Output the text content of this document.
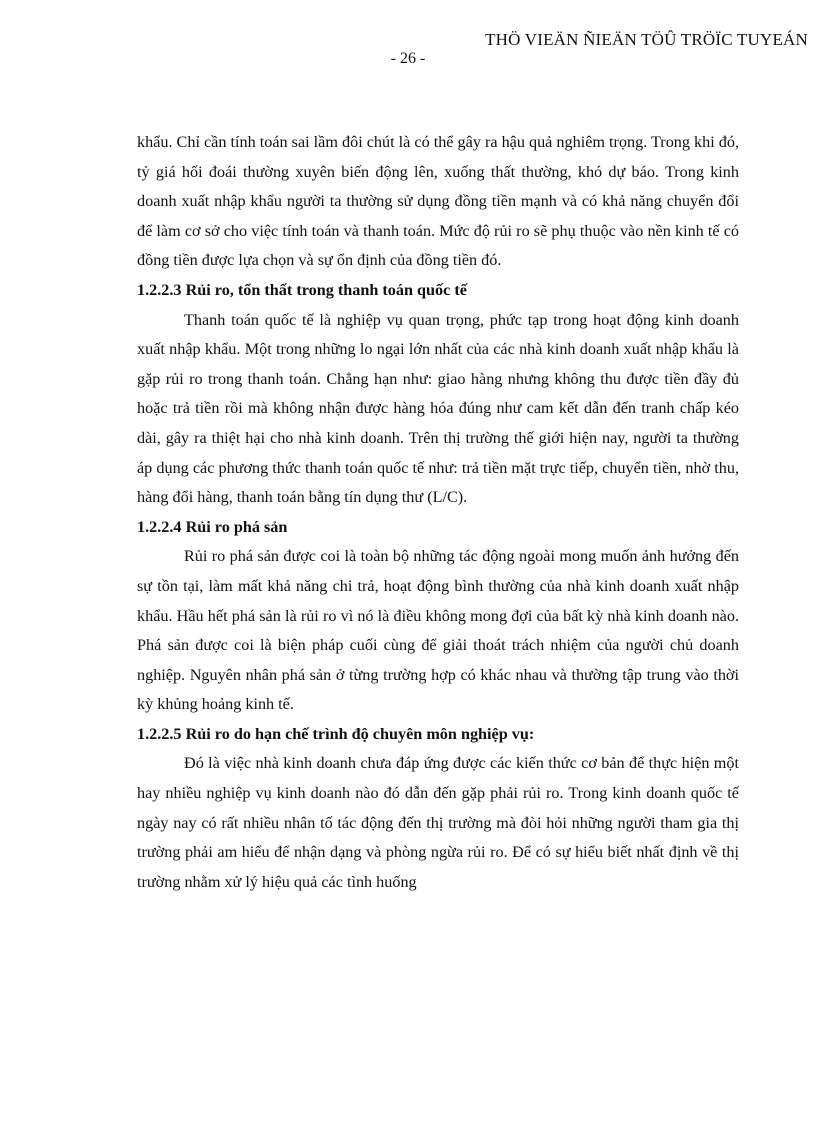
THÖ VIEÄN ÑIEÄN TÖÛ TRÖÏC TUYEÁN
- 26 -

khẩu. Chỉ cần tính toán sai lầm đôi chút là có thể gây ra hậu quả nghiêm trọng. Trong khi đó, tỷ giá hối đoái thường xuyên biến động lên, xuống thất thường, khó dự báo. Trong kinh doanh xuất nhập khẩu người ta thường sử dụng đồng tiền mạnh và có khả năng chuyển đổi để làm cơ sở cho việc tính toán và thanh toán. Mức độ rủi ro sẽ phụ thuộc vào nền kinh tế có đồng tiền được lựa chọn và sự ổn định của đồng tiền đó.

1.2.2.3 Rủi ro, tổn thất trong thanh toán quốc tế

Thanh toán quốc tế là nghiệp vụ quan trọng, phức tạp trong hoạt động kinh doanh xuất nhập khẩu. Một trong những lo ngại lớn nhất của các nhà kinh doanh xuất nhập khẩu là gặp rủi ro trong thanh toán. Chẳng hạn như: giao hàng nhưng không thu được tiền đầy đủ hoặc trả tiền rồi mà không nhận được hàng hóa đúng như cam kết dẫn đến tranh chấp kéo dài, gây ra thiệt hại cho nhà kinh doanh. Trên thị trường thế giới hiện nay, người ta thường áp dụng các phương thức thanh toán quốc tế như: trả tiền mặt trực tiếp, chuyển tiền, nhờ thu, hàng đổi hàng, thanh toán bằng tín dụng thư (L/C).

1.2.2.4 Rủi ro phá sản

Rủi ro phá sản được coi là toàn bộ những tác động ngoài mong muốn ảnh hưởng đến sự tồn tại, làm mất khả năng chi trả, hoạt động bình thường của nhà kinh doanh xuất nhập khẩu. Hầu hết phá sản là rủi ro vì nó là điều không mong đợi của bất kỳ nhà kinh doanh nào. Phá sản được coi là biện pháp cuối cùng để giải thoát trách nhiệm của người chủ doanh nghiệp. Nguyên nhân phá sản ở từng trường hợp có khác nhau và thường tập trung vào thời kỳ khủng hoảng kinh tế.

1.2.2.5 Rủi ro do hạn chế trình độ chuyên môn nghiệp vụ:

Đó là việc nhà kinh doanh chưa đáp ứng được các kiến thức cơ bản để thực hiện một hay nhiều nghiệp vụ kinh doanh nào đó dẫn đến gặp phải rủi ro. Trong kinh doanh quốc tế ngày nay có rất nhiều nhân tố tác động đến thị trường mà đòi hỏi những người tham gia thị trường phải am hiểu để nhận dạng và phòng ngừa rủi ro. Để có sự hiểu biết nhất định về thị trường nhằm xử lý hiệu quả các tình huống
